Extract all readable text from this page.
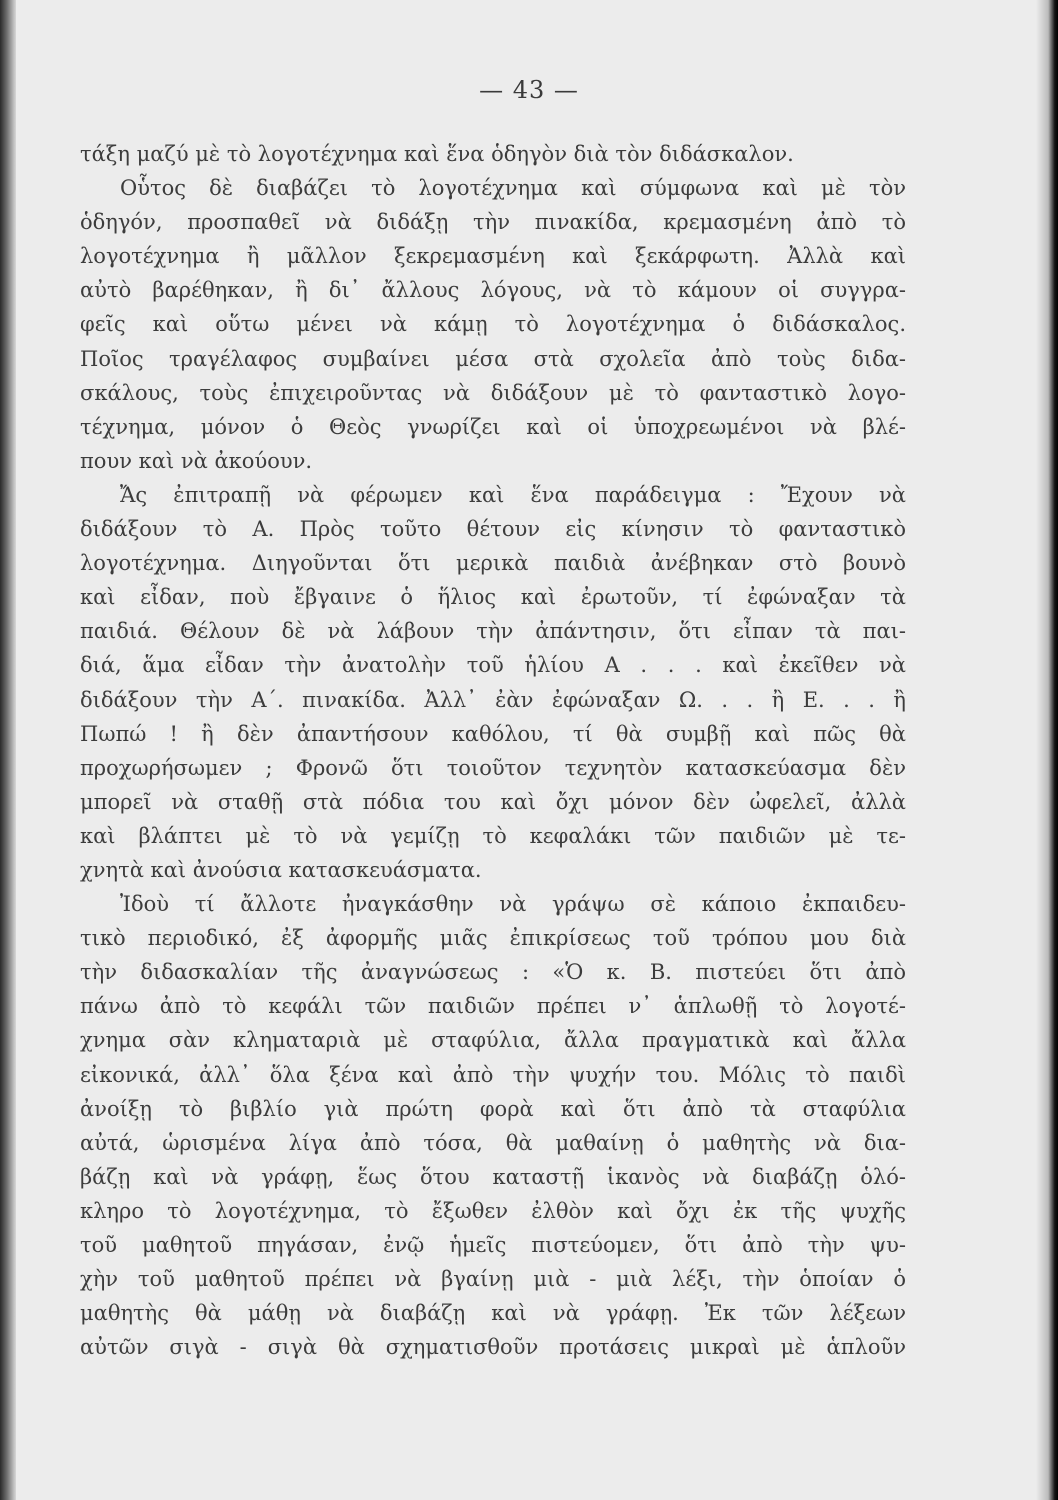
— 43 —
τάξη μαζύ μὲ τὸ λογοτέχνημα καὶ ἕνα ὁδηγὸν διὰ τὸν διδάσκαλον.
Οὗτος δὲ διαβάζει τὸ λογοτέχνημα καὶ σύμφωνα καὶ μὲ τὸν
ὁδηγόν, προσπαθεῖ νὰ διδάξῃ τὴν πινακίδα, κρεμασμένη ἀπὸ τὸ
λογοτέχνημα ἢ μᾶλλον ξεκρεμασμένη καὶ ξεκάρφωτη. Ἀλλὰ καὶ
αὐτὸ βαρέθηκαν, ἢ δι᾽ ἄλλους λόγους, νὰ τὸ κάμουν οἱ συγγρα-
φεῖς καὶ οὕτω μένει νὰ κάμῃ τὸ λογοτέχνημα ὁ διδάσκαλος.
Ποῖος τραγέλαφος συμβαίνει μέσα στὰ σχολεῖα ἀπὸ τοὺς διδα-
σκάλους, τοὺς ἐπιχειροῦντας νὰ διδάξουν μὲ τὸ φανταστικὸ λογο-
τέχνημα, μόνον ὁ Θεὸς γνωρίζει καὶ οἱ ὑποχρεωμένοι νὰ βλέ-
πουν καὶ νὰ ἀκούουν.
Ἄς ἐπιτραπῇ νὰ φέρωμεν καὶ ἕνα παράδειγμα : Ἔχουν νὰ
διδάξουν τὸ Α. Πρὸς τοῦτο θέτουν εἰς κίνησιν τὸ φανταστικὸ
λογοτέχνημα. Διηγοῦνται ὅτι μερικὰ παιδιὰ ἀνέβηκαν στὸ βουνὸ
καὶ εἶδαν, ποὺ ἔβγαινε ὁ ἥλιος καὶ ἐρωτοῦν, τί ἐφώναξαν τὰ
παιδιά. Θέλουν δὲ νὰ λάβουν τὴν ἀπάντησιν, ὅτι εἶπαν τὰ παι-
διά, ἅμα εἶδαν τὴν ἀνατολὴν τοῦ ἡλίου Α . . . καὶ ἐκεῖθεν νὰ
διδάξουν τὴν Α΄. πινακίδα. Ἀλλ᾽ ἐὰν ἐφώναξαν Ω. . . ἢ Ε. . . ἢ
Πωπώ ! ἢ δὲν ἀπαντήσουν καθόλου, τί θὰ συμβῇ καὶ πῶς θὰ
προχωρήσωμεν ; Φρονῶ ὅτι τοιοῦτον τεχνητὸν κατασκεύασμα δὲν
μπορεῖ νὰ σταθῇ στὰ πόδια του καὶ ὄχι μόνον δὲν ὠφελεῖ, ἀλλὰ
καὶ βλάπτει μὲ τὸ νὰ γεμίζῃ τὸ κεφαλάκι τῶν παιδιῶν μὲ τε-
χνητὰ καὶ ἀνούσια κατασκευάσματα.
Ἰδοὺ τί ἄλλοτε ἠναγκάσθην νὰ γράψω σὲ κάποιο ἐκπαιδευ-
τικὸ περιοδικό, ἐξ ἀφορμῆς μιᾶς ἐπικρίσεως τοῦ τρόπου μου διὰ
τὴν διδασκαλίαν τῆς ἀναγνώσεως : «Ὁ κ. Β. πιστεύει ὅτι ἀπὸ
πάνω ἀπὸ τὸ κεφάλι τῶν παιδιῶν πρέπει ν᾽ ἁπλωθῇ τὸ λογοτέ-
χνημα σὰν κληματαριὰ μὲ σταφύλια, ἄλλα πραγματικὰ καὶ ἄλλα
εἰκονικά, ἀλλ᾽ ὅλα ξένα καὶ ἀπὸ τὴν ψυχήν του. Μόλις τὸ παιδὶ
ἀνοίξῃ τὸ βιβλίο γιὰ πρώτη φορὰ καὶ ὅτι ἀπὸ τὰ σταφύλια
αὐτά, ὡρισμένα λίγα ἀπὸ τόσα, θὰ μαθαίνῃ ὁ μαθητὴς νὰ δια-
βάζῃ καὶ νὰ γράφῃ, ἕως ὅτου καταστῇ ἱκανὸς νὰ διαβάζῃ ὁλό-
κληρο τὸ λογοτέχνημα, τὸ ἔξωθεν ἐλθὸν καὶ ὄχι ἐκ τῆς ψυχῆς
τοῦ μαθητοῦ πηγάσαν, ἐνῷ ἡμεῖς πιστεύομεν, ὅτι ἀπὸ τὴν ψυ-
χὴν τοῦ μαθητοῦ πρέπει νὰ βγαίνῃ μιὰ - μιὰ λέξι, τὴν ὁποίαν ὁ
μαθητὴς θὰ μάθῃ νὰ διαβάζῃ καὶ νὰ γράφῃ. Ἐκ τῶν λέξεων
αὐτῶν σιγὰ - σιγὰ θὰ σχηματισθοῦν προτάσεις μικραὶ μὲ ἁπλοῦν
